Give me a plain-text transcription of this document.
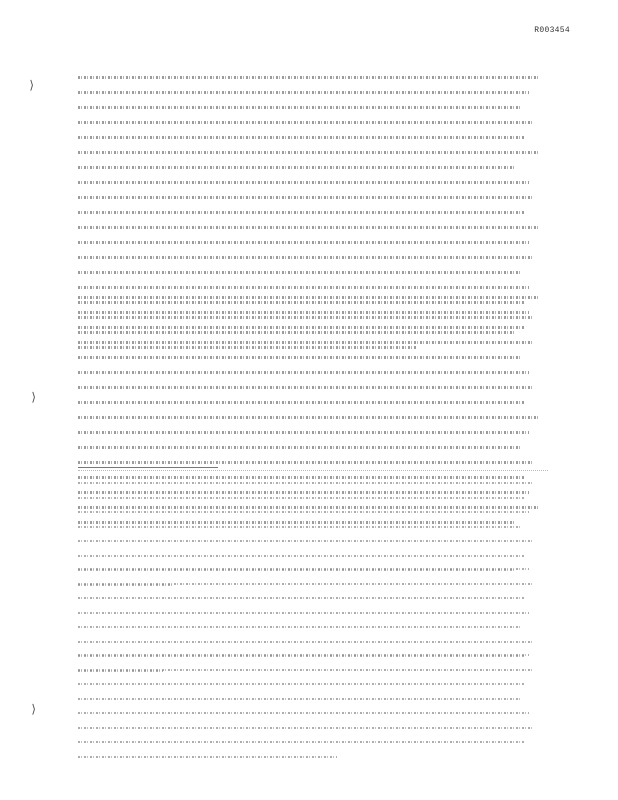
R003454
⟩
⟩
⟩
